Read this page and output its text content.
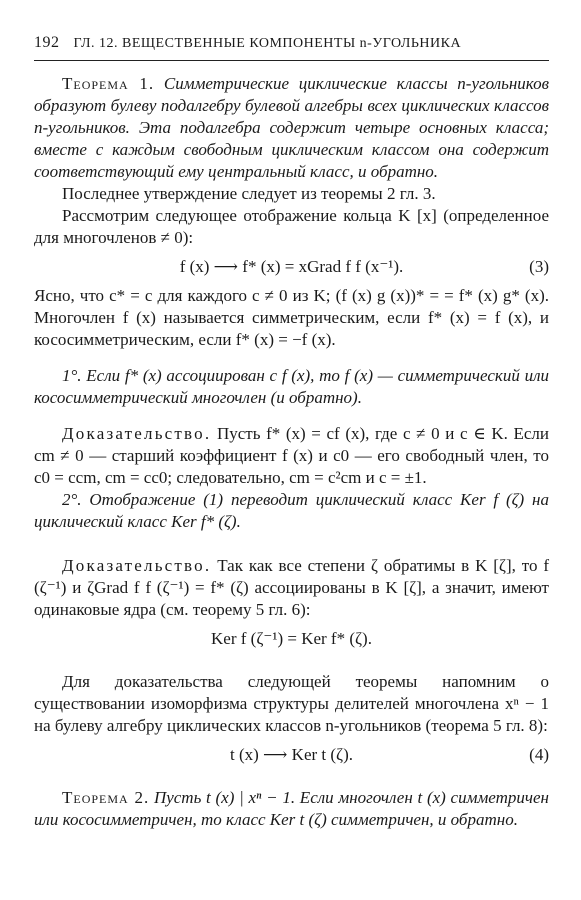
192 ГЛ. 12. ВЕЩЕСТВЕННЫЕ КОМПОНЕНТЫ n-УГОЛЬНИКА

Теорема 1. Симметрические циклические классы n-угольников образуют булеву подалгебру булевой алгебры всех циклических классов n-угольников. Эта подалгебра содержит четыре основных класса; вместе с каждым свободным циклическим классом она содержит соответствующий ему центральный класс, и обратно.

Последнее утверждение следует из теоремы 2 гл. 3.

Рассмотрим следующее отображение кольца K [x] (определенное для многочленов ≠ 0):

f (x) ⟶ f* (x) = xGrad f f (x⁻¹).	(3)

Ясно, что c* = c для каждого c ≠ 0 из K; (f (x) g (x))* = = f* (x) g* (x). Многочлен f (x) называется симметрическим, если f* (x) = f (x), и кососимметрическим, если f* (x) = −f (x).

1°. Если f* (x) ассоциирован с f (x), то f (x) — симметрический или кососимметрический многочлен (и обратно).

Доказательство. Пусть f* (x) = cf (x), где c ≠ 0 и c ∈ K. Если cm ≠ 0 — старший коэффициент f (x) и c0 — его свободный член, то c0 = ccm, cm = cc0; следовательно, cm = c²cm и c = ±1.

2°. Отображение (1) переводит циклический класс Ker f (ζ) на циклический класс Ker f* (ζ).

Доказательство. Так как все степени ζ обратимы в K [ζ], то f (ζ⁻¹) и ζGrad f f (ζ⁻¹) = f* (ζ) ассоциированы в K [ζ], а значит, имеют одинаковые ядра (см. теорему 5 гл. 6):

Ker f (ζ⁻¹) = Ker f* (ζ).

Для доказательства следующей теоремы напомним о существовании изоморфизма структуры делителей многочлена xⁿ − 1 на булеву алгебру циклических классов n-угольников (теорема 5 гл. 8):

t (x) ⟶ Ker t (ζ).	(4)

Теорема 2. Пусть t (x) | xⁿ − 1. Если многочлен t (x) симметричен или кососимметричен, то класс Ker t (ζ) симметричен, и обратно.
